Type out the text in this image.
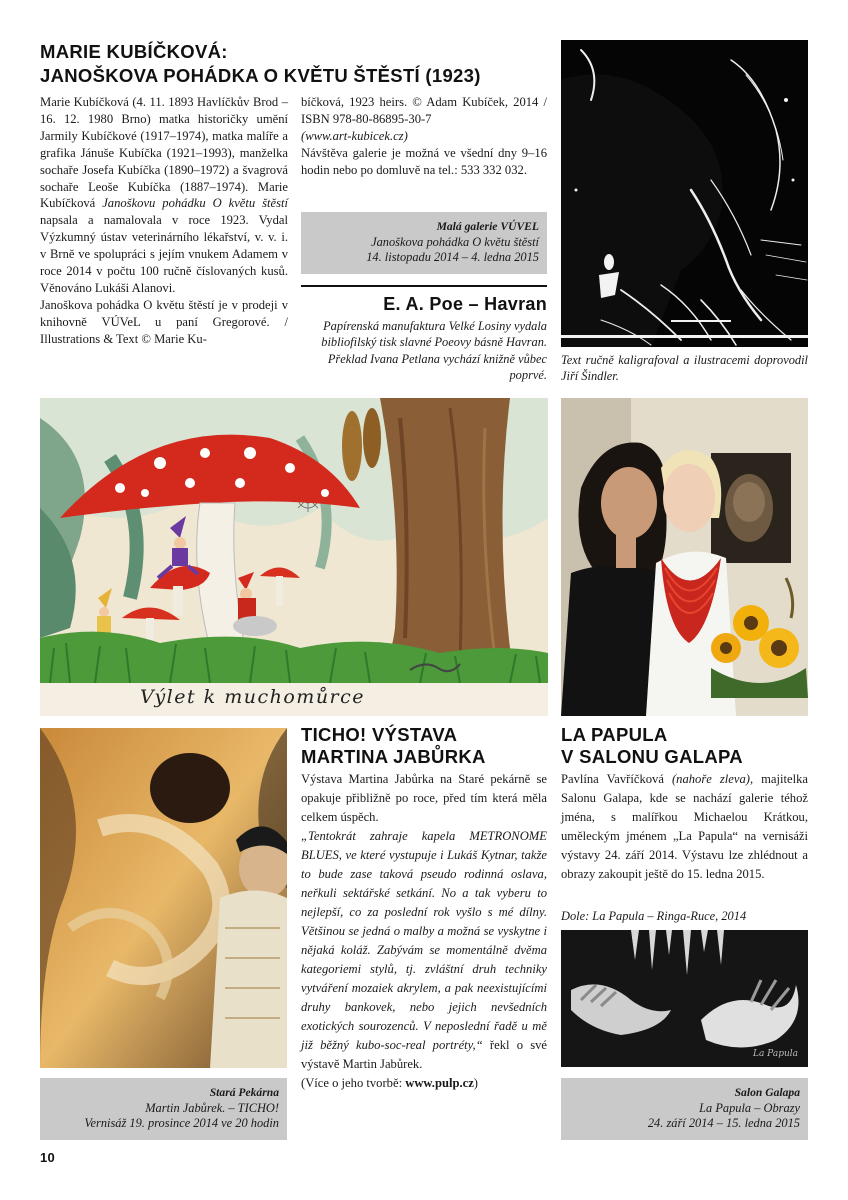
MARIE KUBÍČKOVÁ:
JANOŠKOVA POHÁDKA O KVĚTU ŠTĚSTÍ (1923)

Marie Kubíčková (4. 11. 1893 Havlíčkův Brod – 16. 12. 1980 Brno) matka historičky umění Jarmily Kubíčkové (1917–1974), matka malíře a grafika Jánuše Kubíčka (1921–1993), manželka sochaře Josefa Kubíčka (1890–1972) a švagrová sochaře Leoše Kubíčka (1887–1974). Marie Kubíčková Janoškovu pohádku O květu štěstí napsala a namalovala v roce 1923. Vydal Výzkumný ústav veterinárního lékařství, v. v. i. v Brně ve spolupráci s jejím vnukem Adamem v roce 2014 v počtu 100 ručně číslovaných kusů. Věnováno Lukáši Alanovi.

Janoškova pohádka O květu štěstí je v prodeji v knihovně VÚVeL u paní Gregorové. / Illustrations & Text © Marie Ku-

bíčková, 1923 heirs. © Adam Kubíček, 2014 / ISBN 978-80-86895-30-7

(www.art-kubicek.cz)

Návštěva galerie je možná ve všední dny 9–16 hodin nebo po domluvě na tel.: 533 332 032.

Malá galerie VÚVEL
Janoškova pohádka O květu štěstí
14. listopadu 2014 – 4. ledna 2015
E. A. Poe – Havran
Papírenská manufaktura Velké Losiny vydala bibliofilský tisk slavné Poeovy básně Havran. Překlad Ivana Petlana vychází knižně vůbec poprvé.
Text ručně kaligrafoval a ilustracemi doprovodil Jiří Šindler.
Výlet k muchomůrce
Stará Pekárna
Martin Jabůrek. – TICHO!
Vernisáž 19. prosince 2014 ve 20 hodin
TICHO! VÝSTAVA
MARTINA JABŮRKA

Výstava Martina Jabůrka na Staré pekárně se opakuje přibližně po roce, před tím která měla celkem úspěch.

„Tentokrát zahraje kapela METRONOME BLUES, ve které vystupuje i Lukáš Kytnar, takže to bude zase taková pseudo rodinná oslava, neřkuli sektářské setkání. No a tak vyberu to nejlepší, co za poslední rok vyšlo s mé dílny. Většinou se jedná o malby a možná se vyskytne i nějaká koláž. Zabývám se momentálně dvěma kategoriemi stylů, tj. zvláštní druh techniky vytváření mozaiek akrylem, a pak neexistujícími druhy bankovek, nebo jejich nevšedních exotických sourozenců. V neposlední řadě u mě již běžný kubo-soc-real portréty,“ řekl o své výstavě Martin Jabůrek.

(Více o jeho tvorbě: www.pulp.cz)

LA PAPULA
V SALONU GALAPA

Pavlína Vavříčková (nahoře zleva), majitelka Salonu Galapa, kde se nachází galerie téhož jména, s malířkou Michaelou Krátkou, uměleckým jménem „La Papula“ na vernisáži výstavy 24. září 2014. Výstavu lze zhlédnout a obrazy zakoupit ještě do 15. ledna 2015.

Dole: La Papula – Ringa-Ruce, 2014
La Papula
Salon Galapa
La Papula – Obrazy
24. září 2014 – 15. ledna 2015
10
